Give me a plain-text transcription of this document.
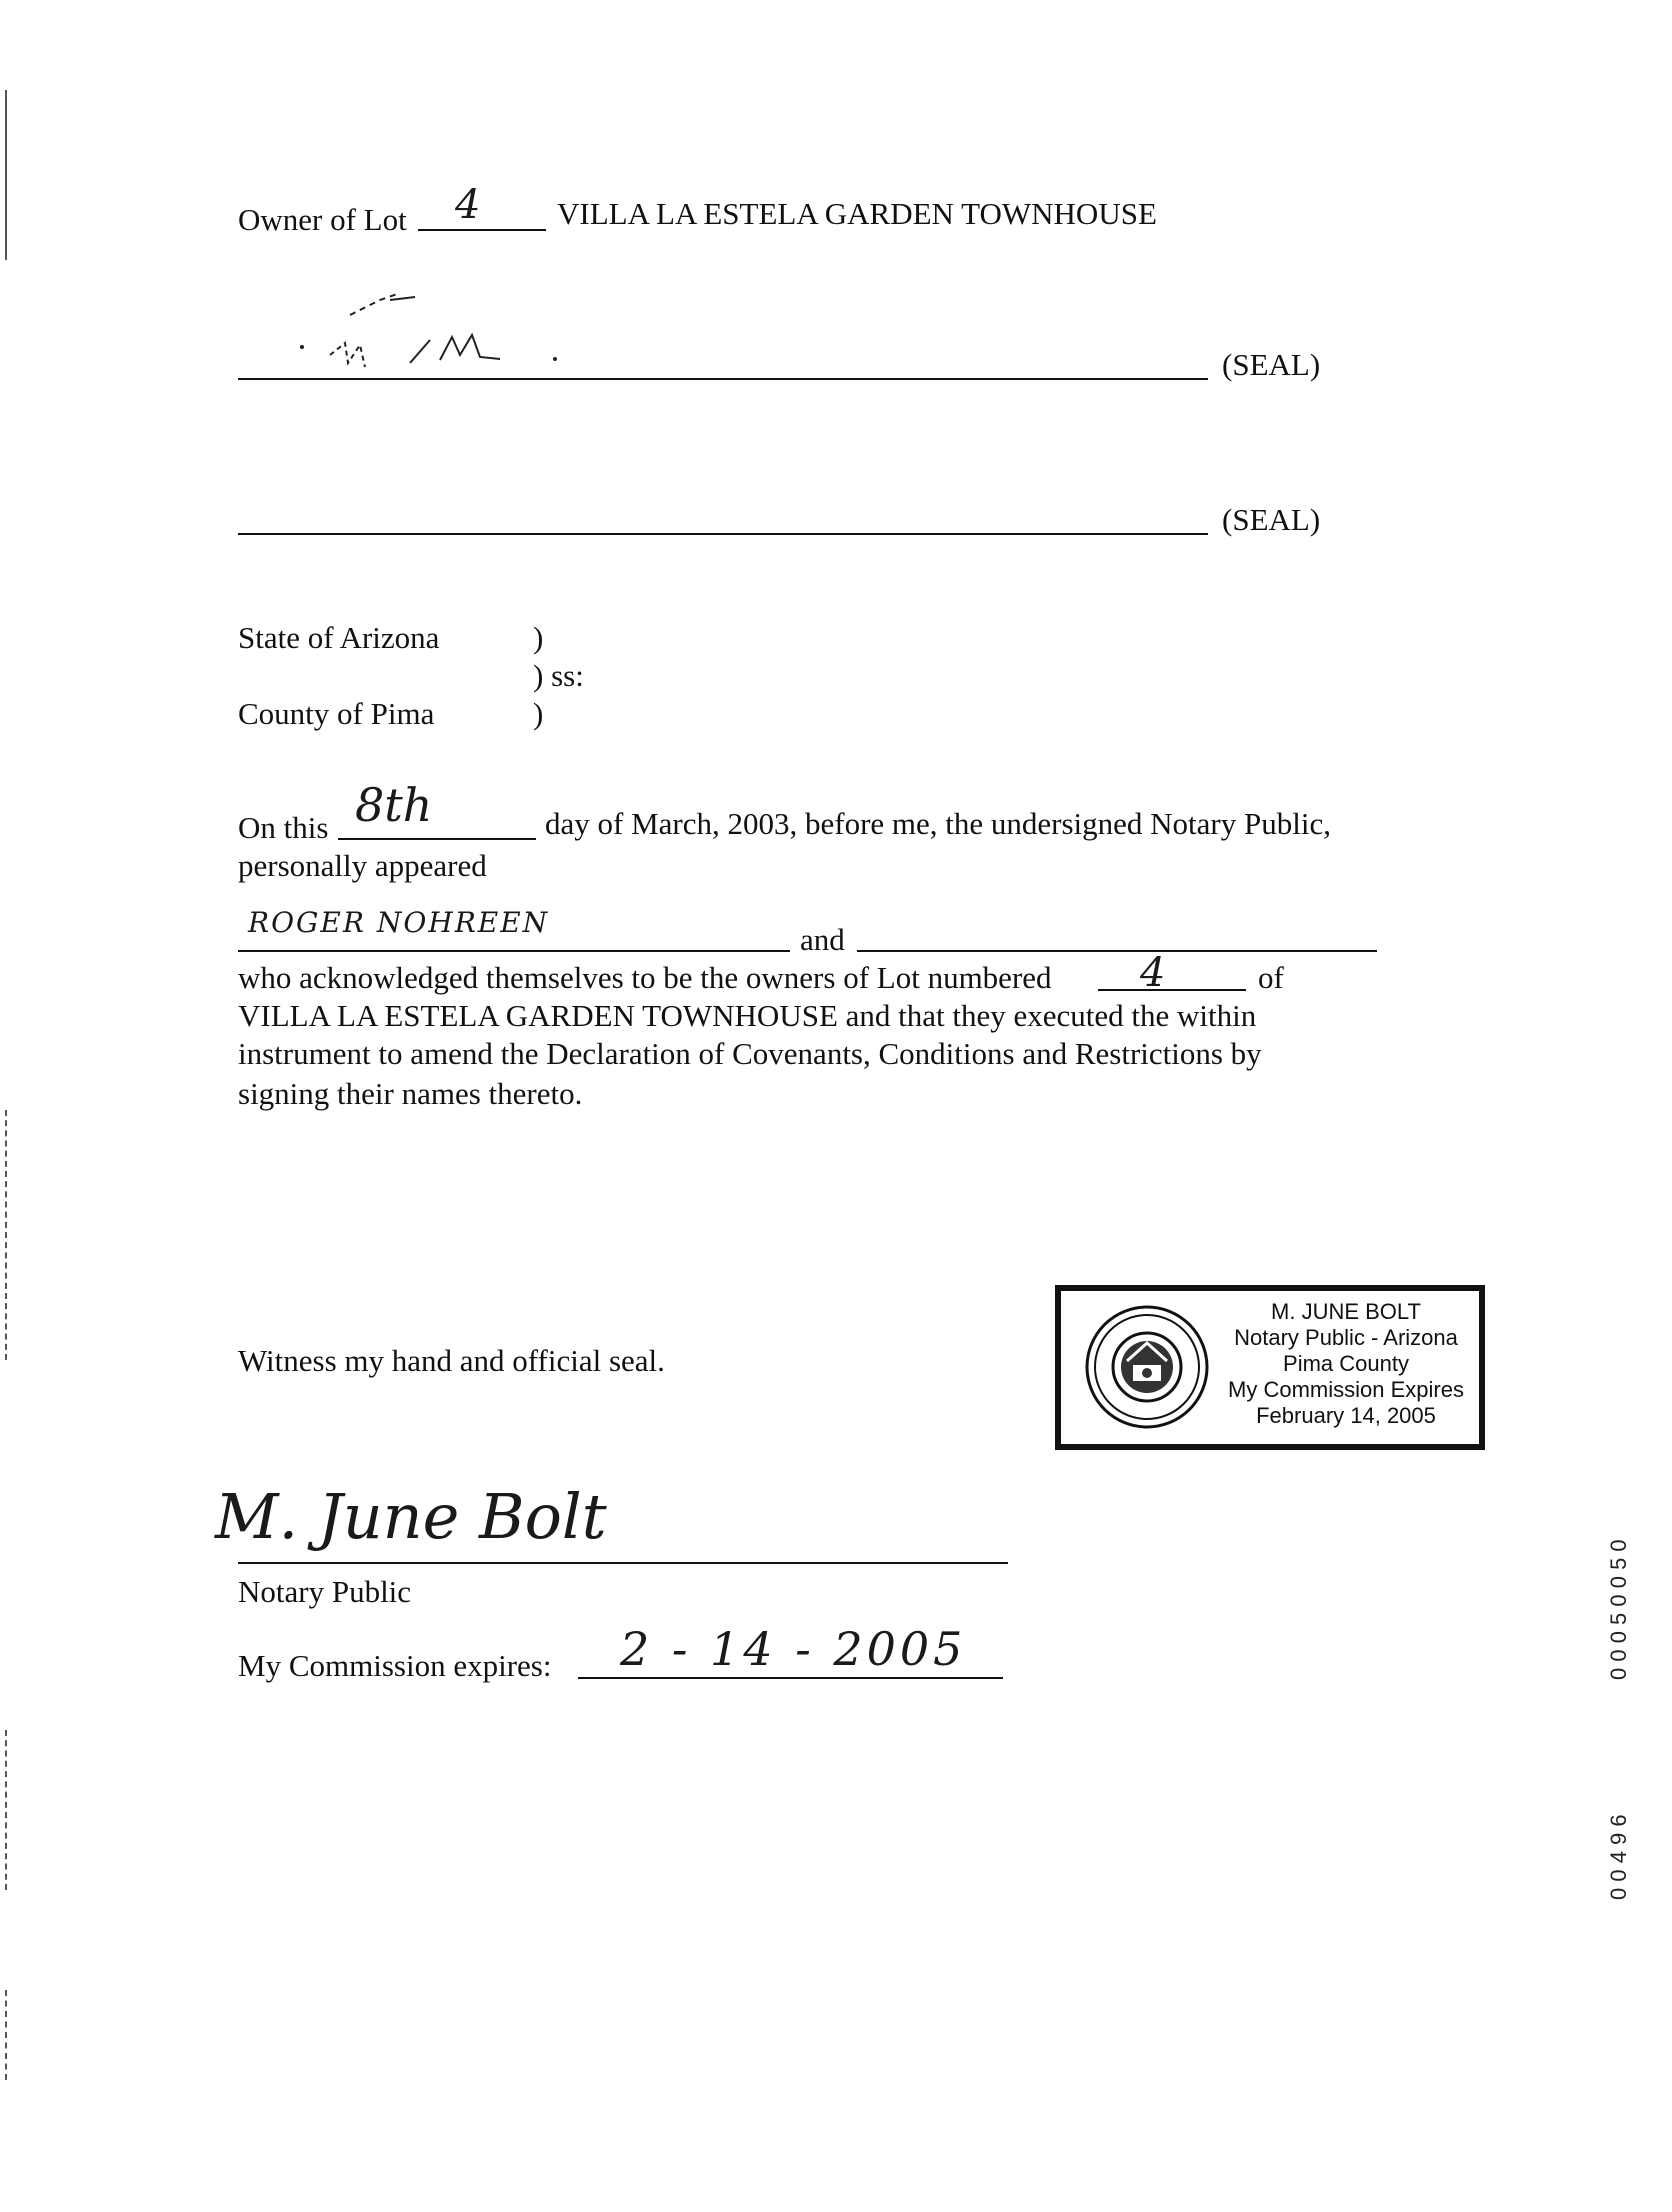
Owner of Lot 4 VILLA LA ESTELA GARDEN TOWNHOUSE
(SEAL)
(SEAL)
State of Arizona	)
) ss:
County of Pima	)
On this 8th	day of March, 2003, before me, the undersigned Notary Public,
personally appeared
ROGER NOHREEN	and
who acknowledged themselves to be the owners of Lot numbered 4	of
VILLA LA ESTELA GARDEN TOWNHOUSE and that they executed the within
instrument to amend the Declaration of Covenants, Conditions and Restrictions by
signing their names thereto.
Witness my hand and official seal.
M. JUNE BOLT
Notary Public - Arizona
Pima County
My Commission Expires
February 14, 2005
M. June Bolt
Notary Public
My Commission expires: 2 - 14 - 2005	0 0 0 5 0 0 5 0
0 0 4 9 6
